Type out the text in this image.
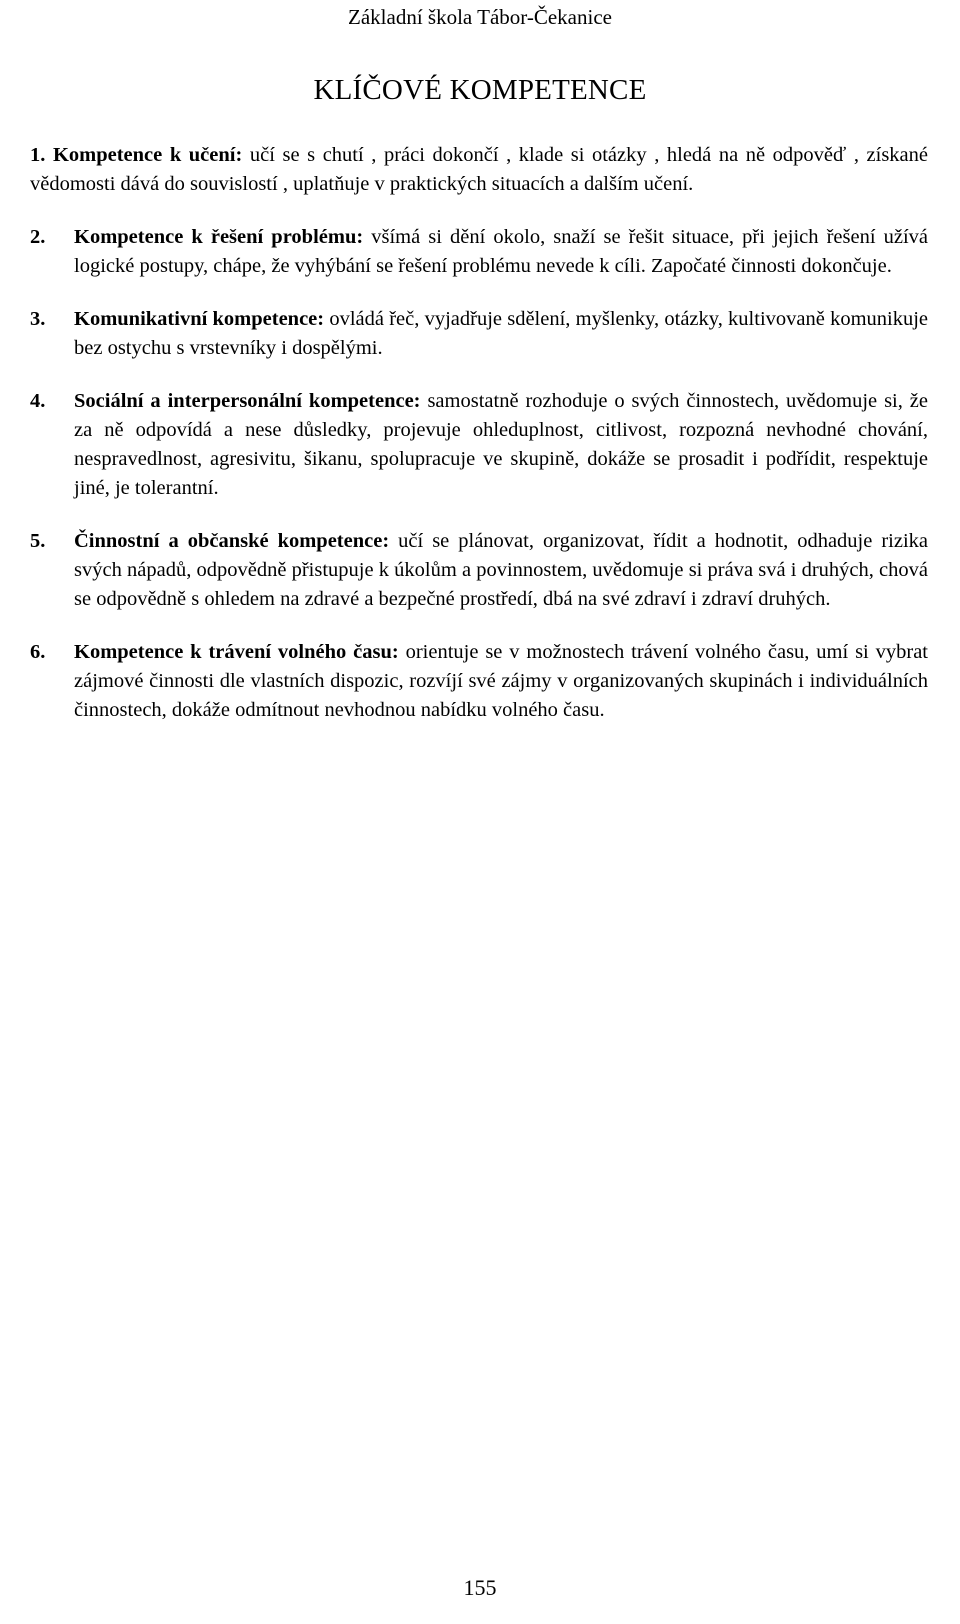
Základní škola Tábor-Čekanice
KLÍČOVÉ KOMPETENCE
1. Kompetence k učení: učí se s chutí , práci dokončí , klade si otázky , hledá na ně odpověď , získané vědomosti dává do souvislostí , uplatňuje v praktických situacích a dalším učení.
2.	Kompetence k řešení problému: všímá si dění okolo, snaží se řešit situace, při jejich řešení užívá logické postupy, chápe, že vyhýbání se řešení problému nevede k cíli. Započaté činnosti dokončuje.
3.	Komunikativní kompetence: ovládá řeč, vyjadřuje sdělení, myšlenky, otázky, kultivovaně komunikuje bez ostychu s vrstevníky i dospělými.
4.	Sociální a interpersonální kompetence: samostatně rozhoduje o svých činnostech, uvědomuje si, že za ně odpovídá a nese důsledky, projevuje ohleduplnost, citlivost, rozpozná nevhodné chování, nespravedlnost, agresivitu, šikanu, spolupracuje ve skupině, dokáže se prosadit i podřídit, respektuje jiné, je tolerantní.
5.	Činnostní a občanské kompetence: učí se plánovat, organizovat, řídit a hodnotit, odhaduje rizika svých nápadů, odpovědně přistupuje k úkolům a povinnostem, uvědomuje si práva svá i druhých, chová se odpovědně s ohledem na zdravé a bezpečné prostředí, dbá na své zdraví i zdraví druhých.
6.	Kompetence k trávení volného času: orientuje se v možnostech trávení volného času, umí si vybrat zájmové činnosti dle vlastních dispozic, rozvíjí své zájmy v organizovaných skupinách i individuálních činnostech, dokáže odmítnout nevhodnou nabídku volného času.
155
